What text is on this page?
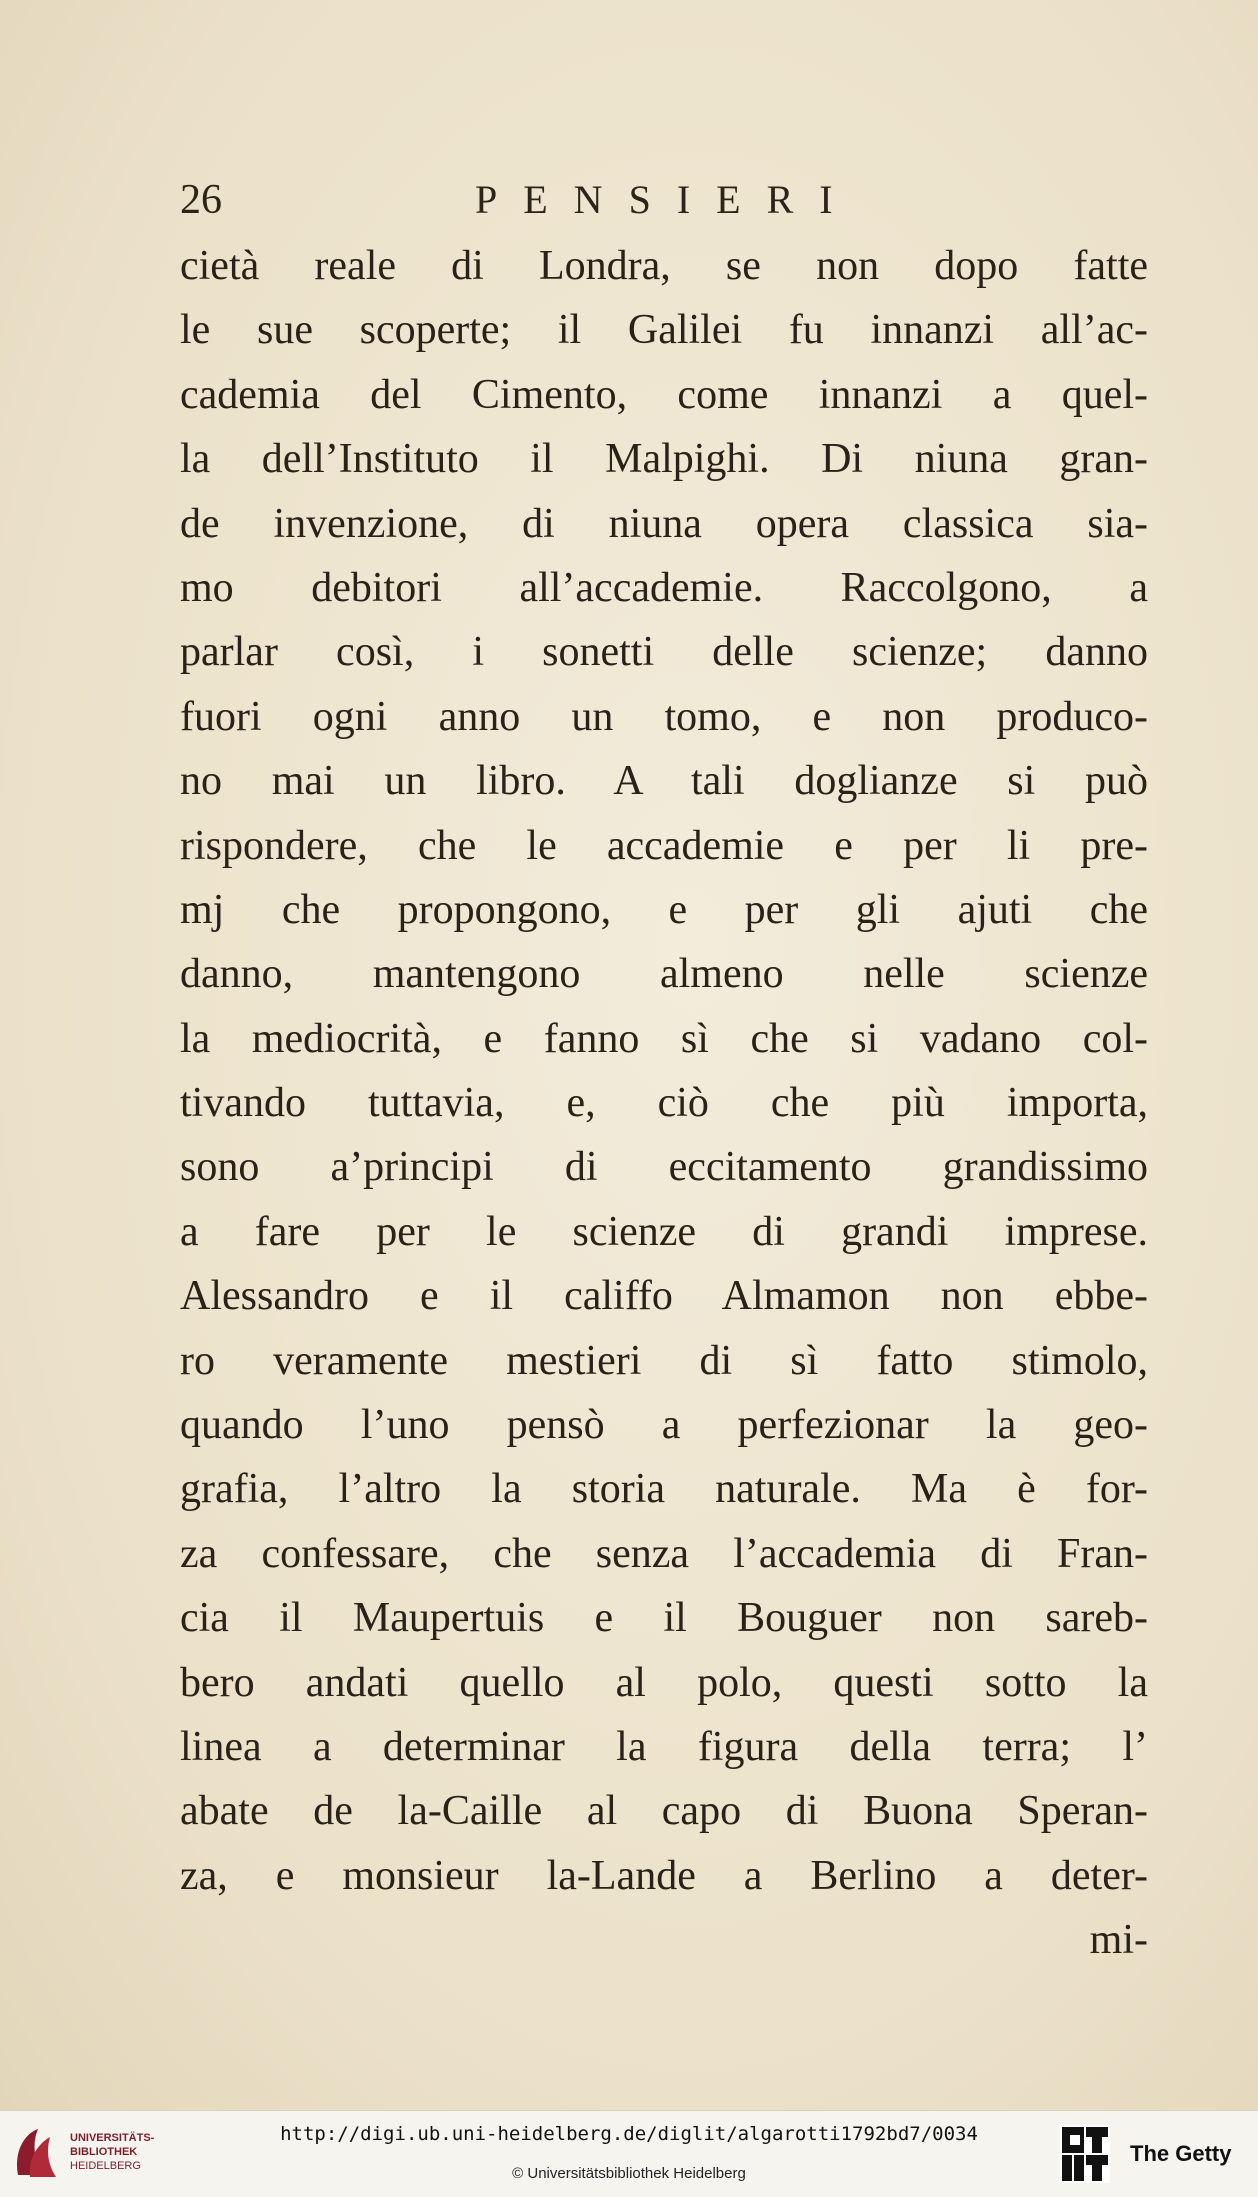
26	PENSIERI
cietà reale di Londra, se non dopo fatte
le sue scoperte; il Galilei fu innanzi all’ac-
cademia del Cimento, come innanzi a quel-
la dell’Instituto il Malpighi. Di niuna gran-
de invenzione, di niuna opera classica sia-
mo debitori all’accademie. Raccolgono, a
parlar così, i sonetti delle scienze; danno
fuori ogni anno un tomo, e non produco-
no mai un libro. A tali doglianze si può
rispondere, che le accademie e per li pre-
mj che propongono, e per gli ajuti che
danno, mantengono almeno nelle scienze
la mediocrità, e fanno sì che si vadano col-
tivando tuttavia, e, ciò che più importa,
sono a’principi di eccitamento grandissimo
a fare per le scienze di grandi imprese.
Alessandro e il califfo Almamon non ebbe-
ro veramente mestieri di sì fatto stimolo,
quando l’uno pensò a perfezionar la geo-
grafia, l’altro la storia naturale. Ma è for-
za confessare, che senza l’accademia di Fran-
cia il Maupertuis e il Bouguer non sareb-
bero andati quello al polo, questi sotto la
linea a determinar la figura della terra; l’
abate de la-Caille al capo di Buona Speran-
za, e monsieur la-Lande a Berlino a deter-
mi-
UNIVERSITÄTS-
BIBLIOTHEK
HEIDELBERG
http://digi.ub.uni-heidelberg.de/diglit/algarotti1792bd7/0034
© Universitätsbibliothek Heidelberg
The Getty
